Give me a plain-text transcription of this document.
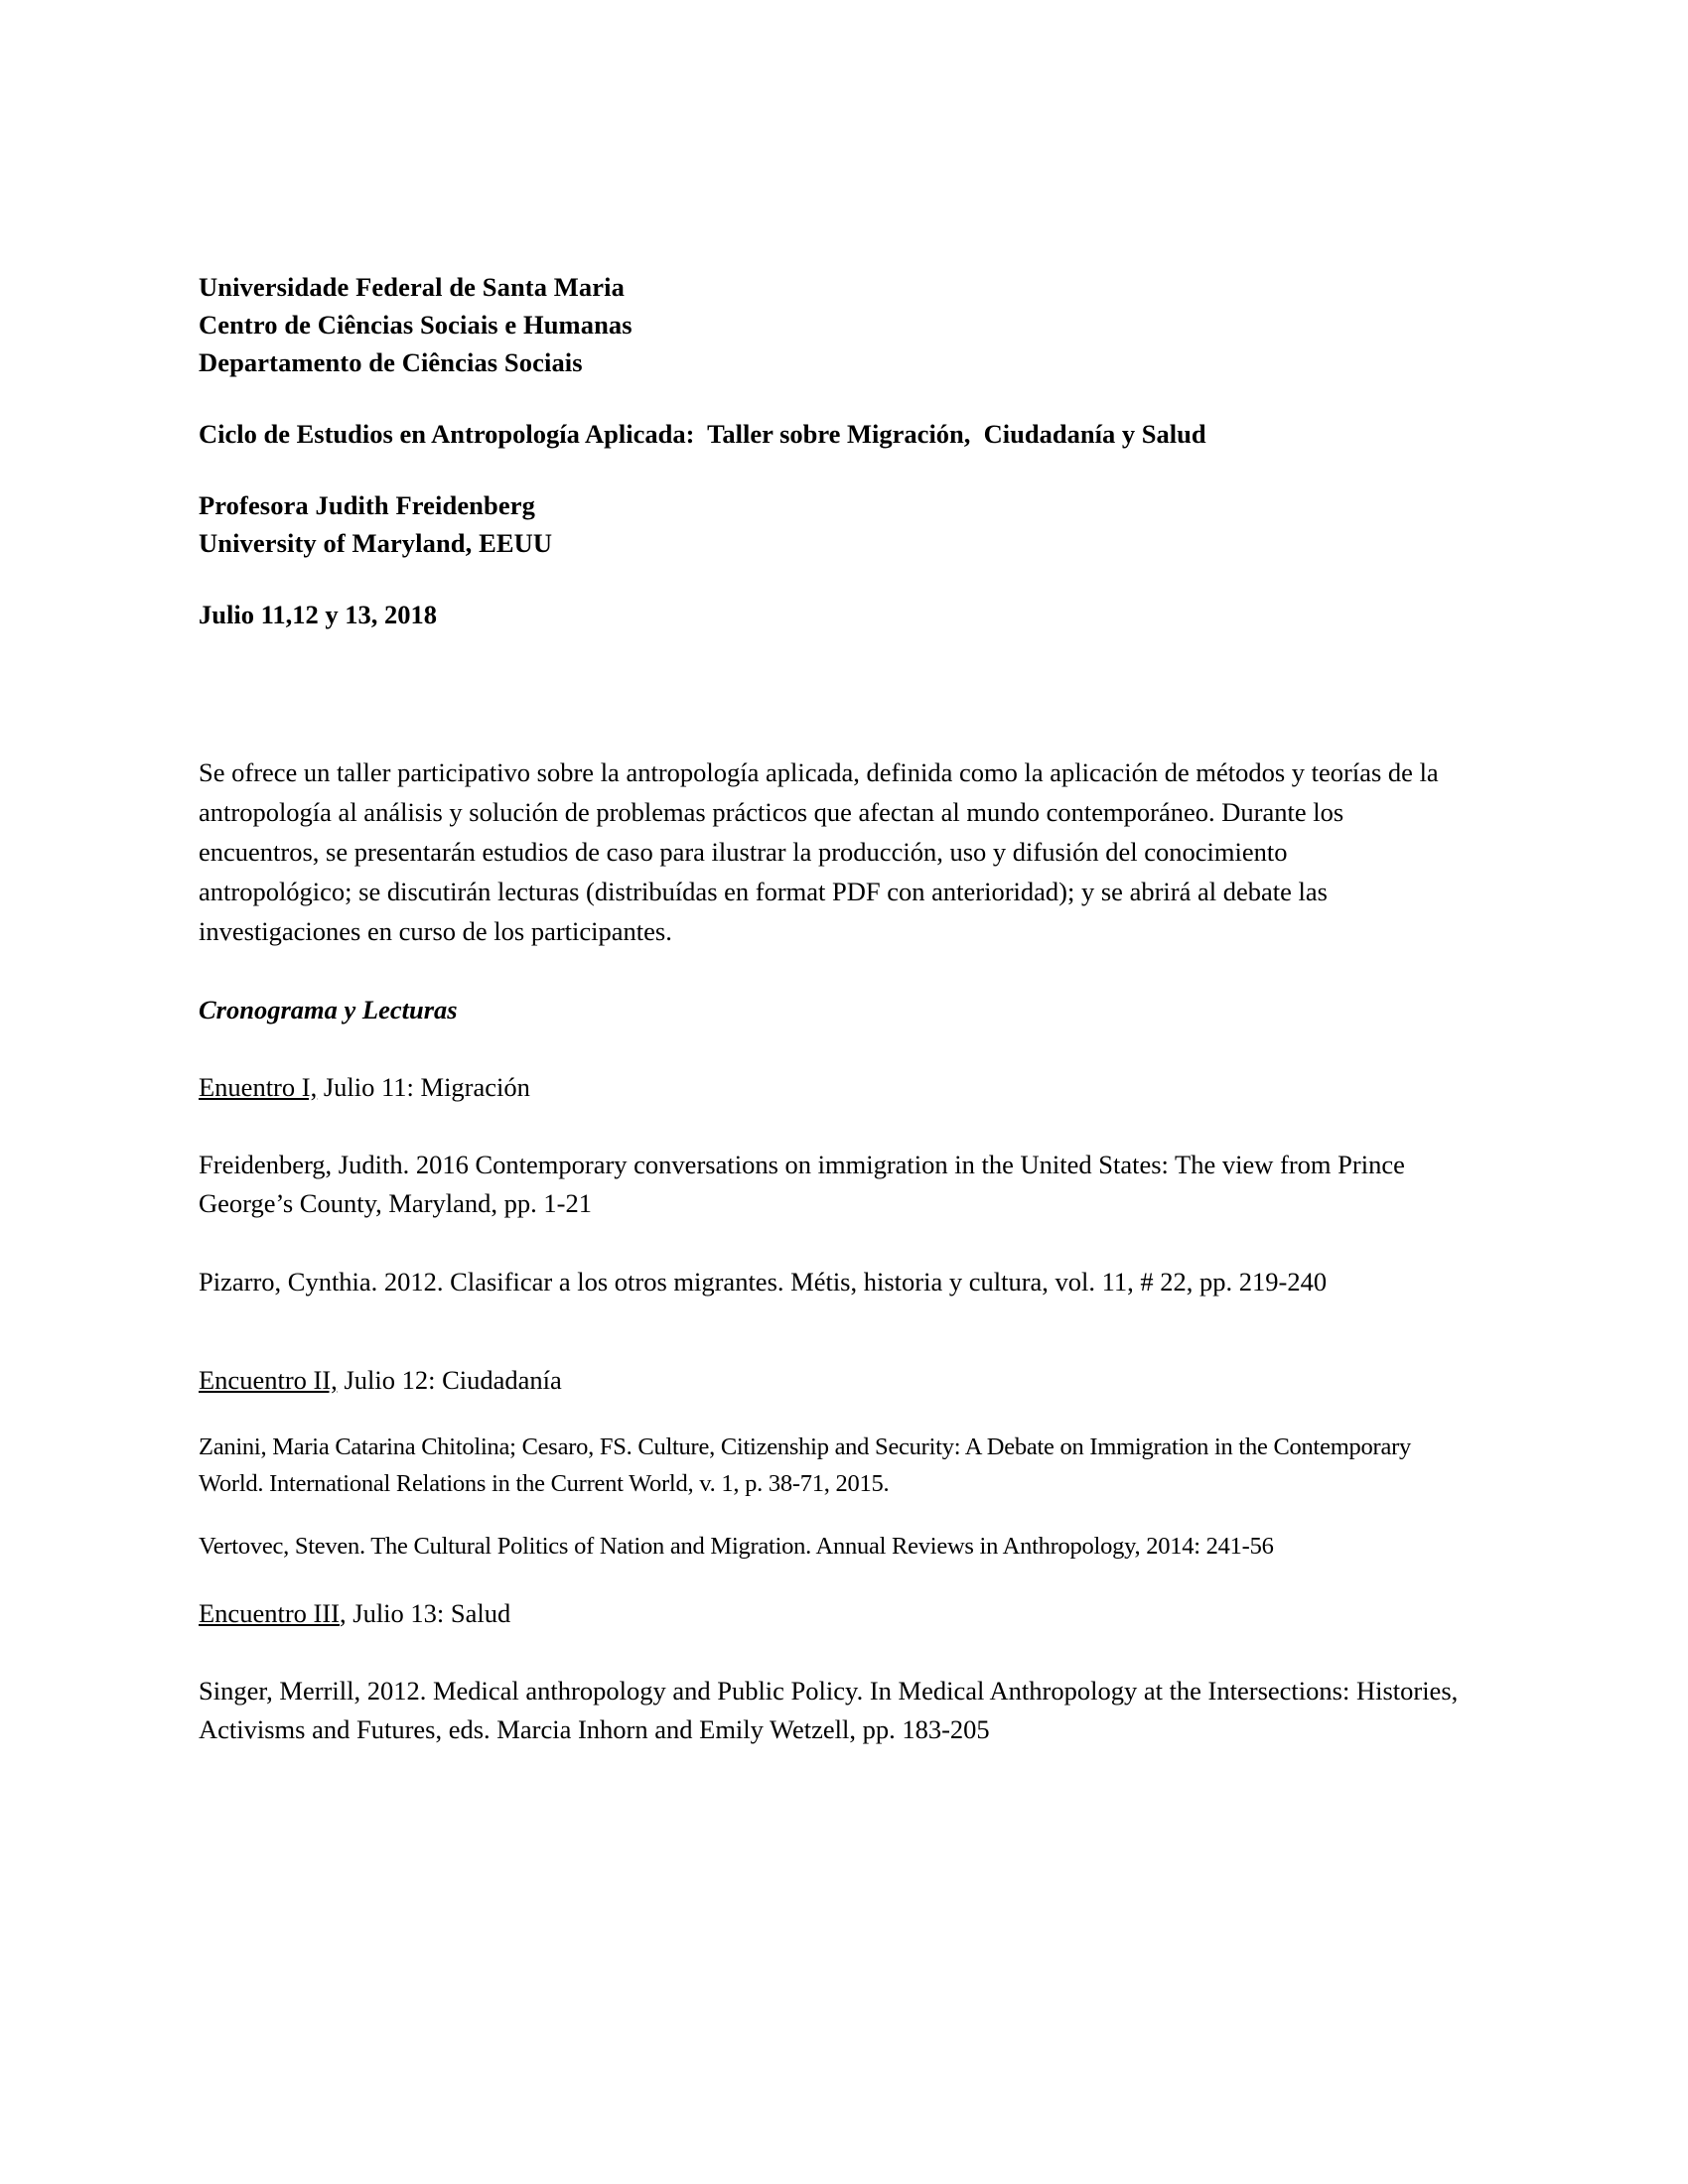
Universidade Federal de Santa Maria
Centro de Ciências Sociais e Humanas
Departamento de Ciências Sociais
Ciclo de Estudios en Antropología Aplicada:  Taller sobre Migración,  Ciudadanía y Salud
Profesora Judith Freidenberg
University of Maryland, EEUU
Julio 11,12 y 13, 2018

Se ofrece un taller participativo sobre la antropología aplicada, definida como la aplicación de métodos y teorías de la antropología al análisis y solución de problemas prácticos que afectan al mundo contemporáneo. Durante los encuentros, se presentarán estudios de caso para ilustrar la producción, uso y difusión del conocimiento antropológico; se discutirán lecturas (distribuídas en format PDF con anterioridad); y se abrirá al debate las investigaciones en curso de los participantes.

Cronograma y Lecturas

Enuentro I, Julio 11: Migración

Freidenberg, Judith. 2016 Contemporary conversations on immigration in the United States: The view from Prince George’s County, Maryland, pp. 1-21

Pizarro, Cynthia. 2012. Clasificar a los otros migrantes. Métis, historia y cultura, vol. 11, # 22, pp. 219-240

Encuentro II, Julio 12: Ciudadanía

Zanini, Maria Catarina Chitolina; Cesaro, FS. Culture, Citizenship and Security: A Debate on Immigration in the Contemporary World. International Relations in the Current World, v. 1, p. 38-71, 2015.

Vertovec, Steven. The Cultural Politics of Nation and Migration. Annual Reviews in Anthropology, 2014: 241-56

Encuentro III, Julio 13: Salud

Singer, Merrill, 2012. Medical anthropology and Public Policy. In Medical Anthropology at the Intersections: Histories, Activisms and Futures, eds. Marcia Inhorn and Emily Wetzell, pp. 183-205
